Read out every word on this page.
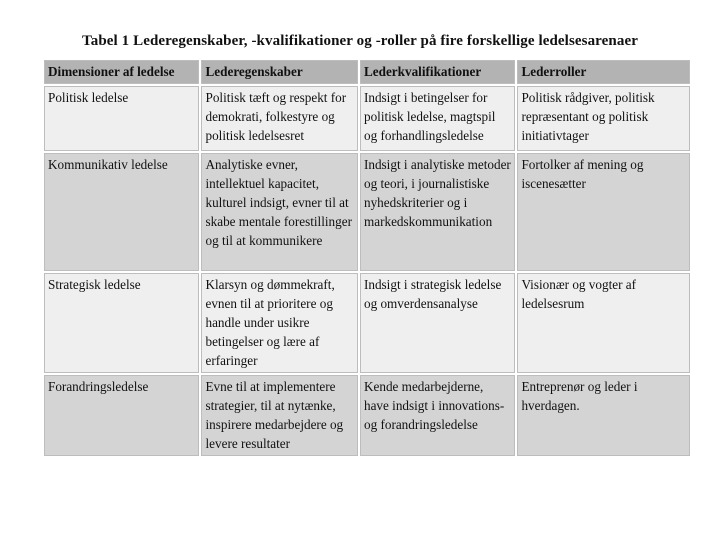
Tabel 1 Lederegenskaber, -kvalifikationer og -roller på fire forskellige ledelsesarenaer
Dimensioner af ledelse	Lederegenskaber	Lederkvalifikationer	Lederroller
Politisk ledelse	Politisk tæft og respekt for demokrati, folkestyre og politisk ledelsesret	Indsigt i betingelser for politisk ledelse, magtspil og forhandlingsledelse	Politisk rådgiver, politisk repræsentant og politisk initiativtager
Kommunikativ ledelse	Analytiske evner, intellektuel kapacitet, kulturel indsigt, evner til at skabe mentale forestillinger og til at kommunikere	Indsigt i analytiske metoder og teori, i journalistiske nyhedskriterier og i markedskommunikation	Fortolker af mening og iscenesætter
Strategisk ledelse	Klarsyn og dømmekraft, evnen til at prioritere og handle under usikre betingelser og lære af erfaringer	Indsigt i strategisk ledelse og omverdensanalyse	Visionær og vogter af ledelsesrum
Forandringsledelse	Evne til at implementere strategier, til at nytænke, inspirere medarbejdere og levere resultater	Kende medarbejderne, have indsigt i innovations- og forandringsledelse	Entreprenør og leder i hverdagen.
